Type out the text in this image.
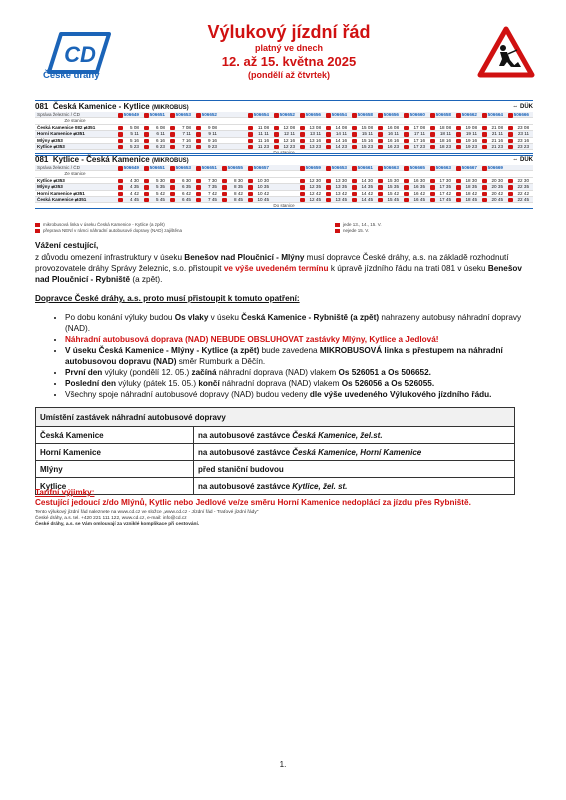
CD
České dráhy
Výlukový jízdní řád
platný ve dnech
12. až 15. května 2025
(pondělí až čtvrtek)
081 Česká Kamenice - Kytlice (MIKROBUS)	⇔ DÜK
Správa železnic / ČD	506649	506651	506653	506652	506654	506652	506656	506654	506658	506656	506660	506658	506662	506664	506666
Ze stanice
Česká Kamenice 082 ⇌351	5 08	6 08	7 08	9 08	11 08	12 08	13 08	14 08	15 08	16 08	17 08	18 08	19 08	21 08	23 08
Horní Kamenice ⇌351	5 11	6 11	7 11	9 11	11 11	12 11	13 11	14 11	15 11	16 11	17 11	18 11	19 11	21 11	23 11
Mlýny ⇌353	5 16	6 16	7 16	9 16	11 16	12 16	13 16	14 16	15 16	16 16	17 16	18 16	19 16	21 16	23 16
Kytlice ⇌353	5 23	6 23	7 23	9 23	11 23	12 23	13 23	14 23	15 23	16 23	17 23	18 23	19 23	21 23	23 23
Do stanice
081 Kytlice - Česká Kamenice (MIKROBUS)	⇔ DÜK
Správa železnic / ČD	506649	506651	506653	506651	506655	506657	506659	506653	506661	506663	506665	506663	506667	506669
Ze stanice
Kytlice ⇌353	4 30	5 30	6 30	7 30	8 30	10 30	12 30	13 30	14 30	15 30	16 30	17 30	18 30	20 30	22 30
Mlýny ⇌353	4 35	5 35	6 35	7 35	8 35	10 35	12 35	13 35	14 35	15 35	16 35	17 35	18 35	20 35	22 35
Horní Kamenice ⇌351	4 42	5 42	6 42	7 42	8 42	10 42	12 42	13 42	14 42	15 42	16 42	17 42	18 42	20 42	22 42
Česká Kamenice ⇌351	4 45	5 45	6 45	7 45	8 45	10 45	12 45	13 45	14 45	15 45	16 45	17 45	18 45	20 45	22 45
Do stanice
mikrobusová linka v úseku Česká Kamenice - Kytlice (a zpět)
přeprava NENÍ v rámci náhradní autobusové dopravy (NAD) zajištěna
jede 13., 14., 15. V.
nejede 15. V.
Vážení cestující,

z důvodu omezení infrastruktury v úseku Benešov nad Ploučnicí - Mlýny musí dopravce České dráhy, a.s. na základě rozhodnutí provozovatele dráhy Správy železnic, s.o. přistoupit ve výše uvedeném termínu k úpravě jízdního řádu na trati 081 v úseku Benešov nad Ploučnicí - Rybniště (a zpět).

Dopravce České dráhy, a.s. proto musí přistoupit k tomuto opatření:
• Po dobu konání výluky budou Os vlaky v úseku Česká Kamenice - Rybniště (a zpět) nahrazeny autobusy náhradní dopravy (NAD).
• Náhradní autobusová doprava (NAD) NEBUDE OBSLUHOVAT zastávky Mlýny, Kytlice a Jedlová!
• V úseku Česká Kamenice - Mlýny - Kytlice (a zpět) bude zavedena MIKROBUSOVÁ linka s přestupem na náhradní autobusovou dopravu (NAD) směr Rumburk a Děčín.
• První den výluky (pondělí 12. 05.) začíná náhradní doprava (NAD) vlakem Os 526051 a Os 506652.
• Poslední den výluky (pátek 15. 05.) končí náhradní doprava (NAD) vlakem Os 526056 a Os 526055.
• Všechny spoje náhradní autobusové dopravy (NAD) budou vedeny dle výše uvedeného Výlukového jízdního řádu.
Umístění zastávek náhradní autobusové dopravy	
Česká Kamenice	na autobusové zastávce Česká Kamenice, žel.st.
Horní Kamenice	na autobusové zastávce Česká Kamenice, Horní Kamenice
Mlýny	před staniční budovou
Kytlice	na autobusové zastávce Kytlice, žel. st.
Tarifní výjimky:
Cestující jedoucí z/do Mlýnů, Kytlic nebo Jedlové ve/ze směru Horní Kamenice nedoplácí za jízdu přes Rybniště.
Tento výlukový jízdní řád naleznete na www.cd.cz ve složce „www.cd.cz - Jízdní řád - Traťové jízdní řády"
České dráhy, a.s. tel. +420 221 111 122, www.cd.cz, e-mail: info@cd.cz
České dráhy, a.s. se Vám omlouvají za vzniklé komplikace při cestování.
1.
